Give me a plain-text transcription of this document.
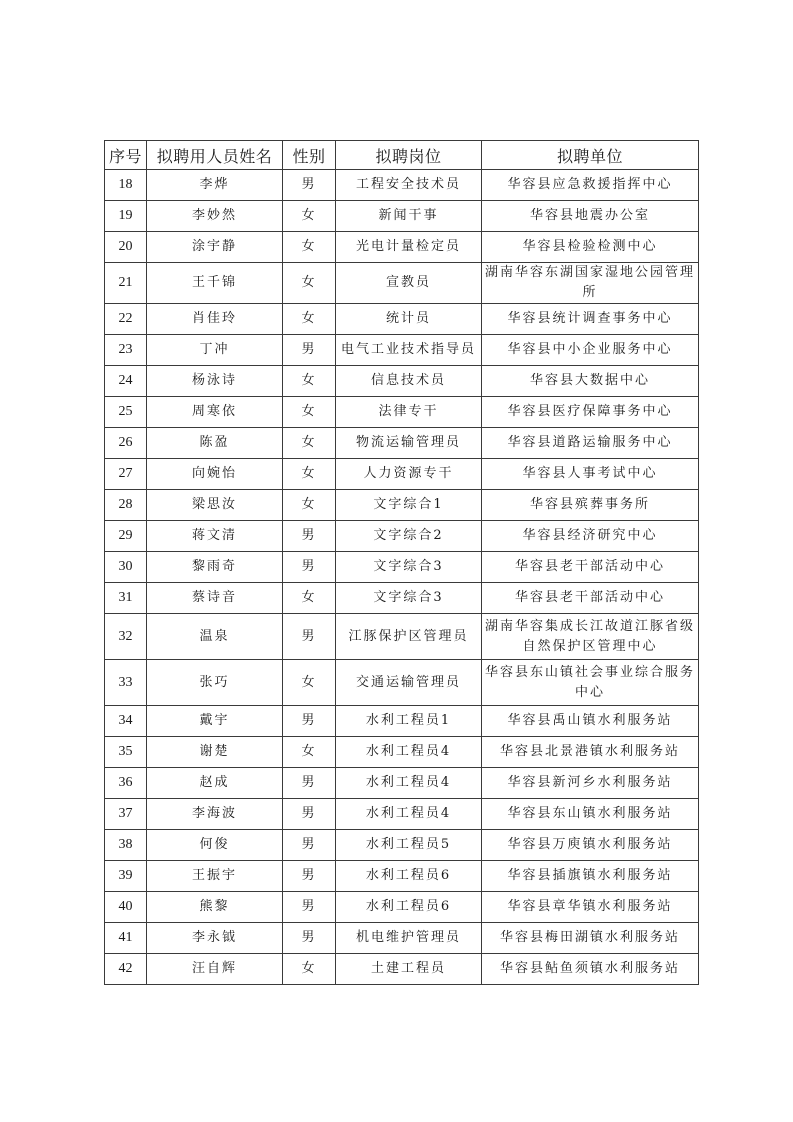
序号	拟聘用人员姓名	性别	拟聘岗位	拟聘单位
18	李烨	男	工程安全技术员	华容县应急救援指挥中心
19	李妙然	女	新闻干事	华容县地震办公室
20	涂宇静	女	光电计量检定员	华容县检验检测中心
21	王千锦	女	宣教员	湖南华容东湖国家湿地公园管理所
22	肖佳玲	女	统计员	华容县统计调查事务中心
23	丁冲	男	电气工业技术指导员	华容县中小企业服务中心
24	杨泳诗	女	信息技术员	华容县大数据中心
25	周寒依	女	法律专干	华容县医疗保障事务中心
26	陈盈	女	物流运输管理员	华容县道路运输服务中心
27	向婉怡	女	人力资源专干	华容县人事考试中心
28	梁思汝	女	文字综合1	华容县殡葬事务所
29	蒋文清	男	文字综合2	华容县经济研究中心
30	黎雨奇	男	文字综合3	华容县老干部活动中心
31	蔡诗音	女	文字综合3	华容县老干部活动中心
32	温泉	男	江豚保护区管理员	湖南华容集成长江故道江豚省级自然保护区管理中心
33	张巧	女	交通运输管理员	华容县东山镇社会事业综合服务中心
34	戴宇	男	水利工程员1	华容县禹山镇水利服务站
35	谢楚	女	水利工程员4	华容县北景港镇水利服务站
36	赵成	男	水利工程员4	华容县新河乡水利服务站
37	李海波	男	水利工程员4	华容县东山镇水利服务站
38	何俊	男	水利工程员5	华容县万庾镇水利服务站
39	王振宇	男	水利工程员6	华容县插旗镇水利服务站
40	熊黎	男	水利工程员6	华容县章华镇水利服务站
41	李永钺	男	机电维护管理员	华容县梅田湖镇水利服务站
42	汪自辉	女	土建工程员	华容县鲇鱼须镇水利服务站
